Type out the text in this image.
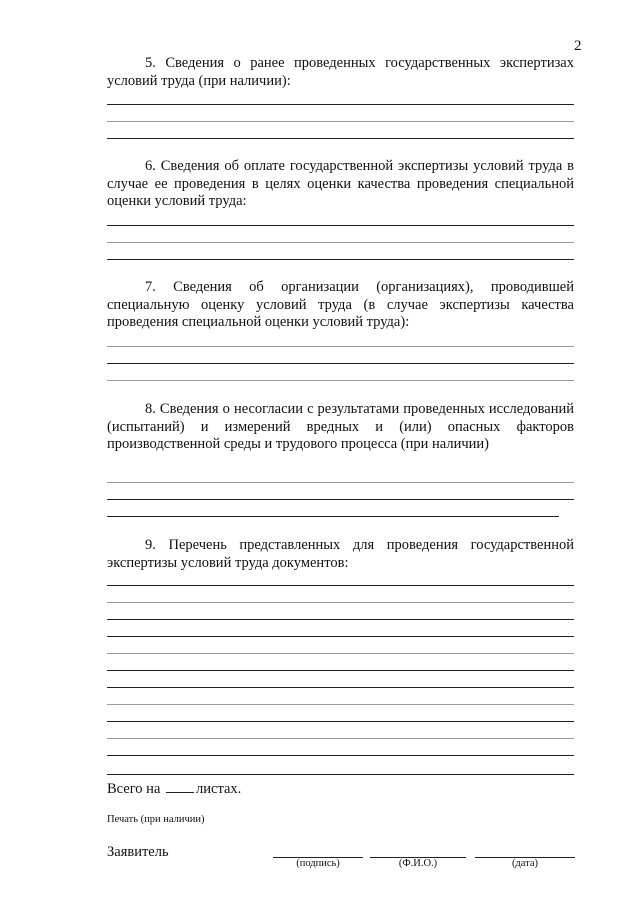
2
5. Сведения о ранее проведенных государственных экспертизах условий труда (при наличии):
6. Сведения об оплате государственной экспертизы условий труда в случае ее проведения в целях оценки качества проведения специальной оценки условий труда:
7. Сведения об организации (организациях), проводившей специальную оценку условий труда (в случае экспертизы качества проведения специальной оценки условий труда):
8. Сведения о несогласии с результатами проведенных исследований (испытаний) и измерений вредных и (или) опасных факторов производственной среды и трудового процесса (при наличии)
9. Перечень представленных для проведения государственной экспертизы условий труда документов:
Всего на листах.
Печать (при наличии)
Заявитель
(подпись)	(Ф.И.О.)	(дата)
